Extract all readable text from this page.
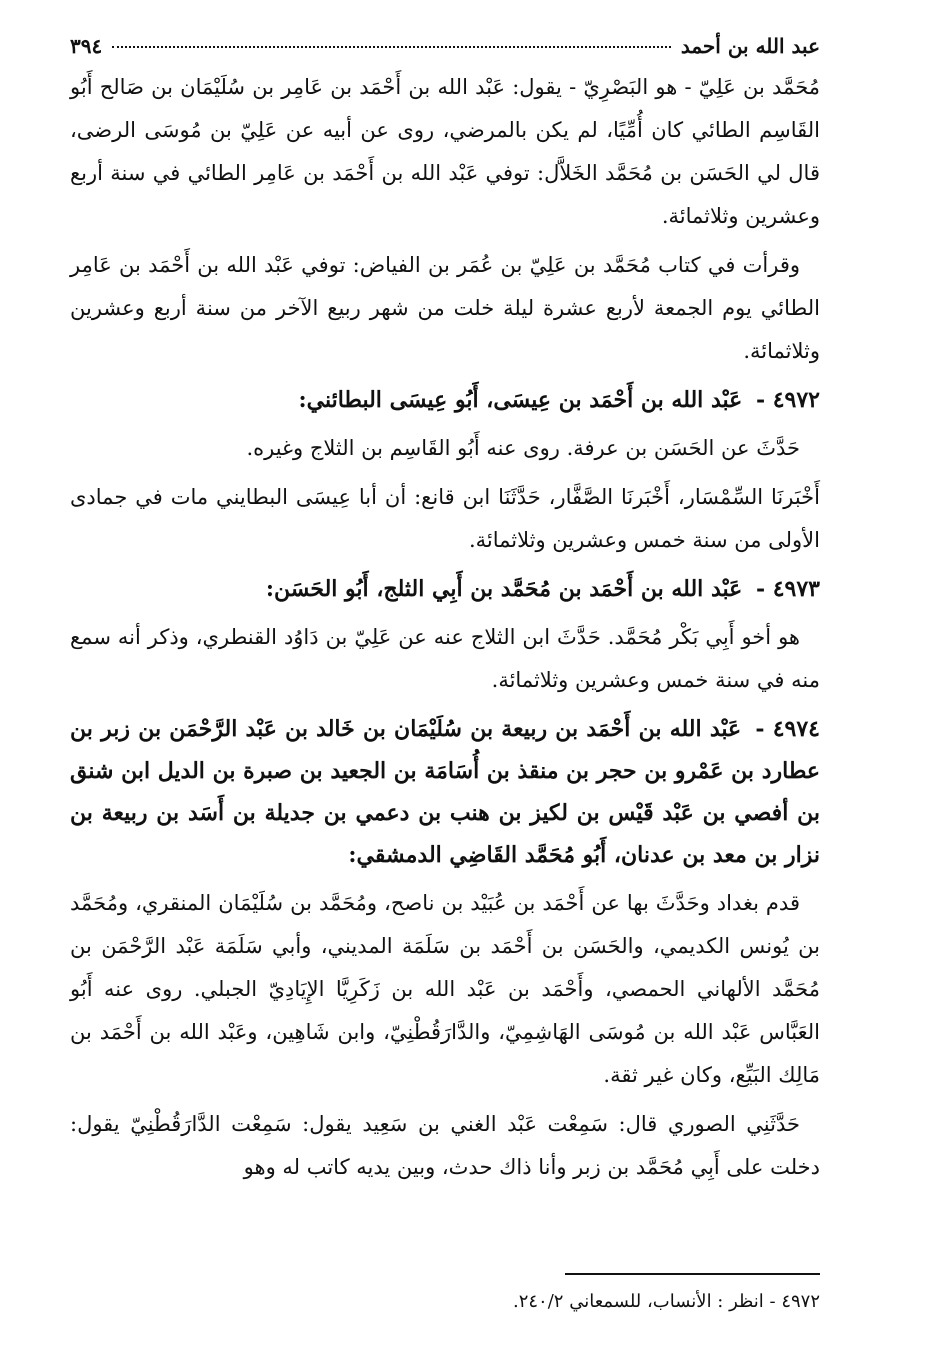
عبد الله بن أحمد
٣٩٤

مُحَمَّد بن عَلِيّ - هو البَصْرِيّ - يقول: عَبْد الله بن أَحْمَد بن عَامِر بن سُلَيْمَان بن صَالح أَبُو القَاسِم الطائي كان أُمِّيًا، لم يكن بالمرضي، روى عن أبيه عن عَلِيّ بن مُوسَى الرضى، قال لي الحَسَن بن مُحَمَّد الخَلاَّل: توفي عَبْد الله بن أَحْمَد بن عَامِر الطائي في سنة أربع وعشرين وثلاثمائة.

وقرأت في كتاب مُحَمَّد بن عَلِيّ بن عُمَر بن الفياض: توفي عَبْد الله بن أَحْمَد بن عَامِر الطائي يوم الجمعة لأربع عشرة ليلة خلت من شهر ربيع الآخر من سنة أربع وعشرين وثلاثمائة.

٤٩٧٢ - عَبْد الله بن أَحْمَد بن عِيسَى، أَبُو عِيسَى البطائني:

حَدَّثَ عن الحَسَن بن عرفة. روى عنه أَبُو القَاسِم بن الثلاج وغيره.

أَخْبَرنَا السِّمْسَار، أَخْبَرنَا الصَّفَّار، حَدَّثَنَا ابن قانع: أن أبا عِيسَى البطايني مات في جمادى الأولى من سنة خمس وعشرين وثلاثمائة.

٤٩٧٣ - عَبْد الله بن أَحْمَد بن مُحَمَّد بن أَبِي الثلج، أَبُو الحَسَن:

هو أخو أَبِي بَكْر مُحَمَّد. حَدَّثَ ابن الثلاج عنه عن عَلِيّ بن دَاوُد القنطري، وذكر أنه سمع منه في سنة خمس وعشرين وثلاثمائة.

٤٩٧٤ - عَبْد الله بن أَحْمَد بن ربيعة بن سُلَيْمَان بن خَالد بن عَبْد الرَّحْمَن بن زبر بن عطارد بن عَمْرو بن حجر بن منقذ بن أُسَامَة بن الجعيد بن صبرة بن الديل ابن شنق بن أفصي بن عَبْد قَيْس بن لكيز بن هنب بن دعمي بن جديلة بن أَسَد بن ربيعة بن نزار بن معد بن عدنان، أَبُو مُحَمَّد القَاضِي الدمشقي:

قدم بغداد وحَدَّثَ بها عن أَحْمَد بن عُبَيْد بن ناصح، ومُحَمَّد بن سُلَيْمَان المنقري، ومُحَمَّد بن يُونس الكديمي، والحَسَن بن أَحْمَد بن سَلَمَة المديني، وأبي سَلَمَة عَبْد الرَّحْمَن بن مُحَمَّد الألهاني الحمصي، وأَحْمَد بن عَبْد الله بن زَكَرِيَّا الإِيَادِيّ الجبلي. روى عنه أَبُو العَبَّاس عَبْد الله بن مُوسَى الهَاشِمِيّ، والدَّارَقُطْنِيّ، وابن شَاهِين، وعَبْد الله بن أَحْمَد بن مَالِك البَيِّع، وكان غير ثقة.

حَدَّثَنِي الصوري قال: سَمِعْت عَبْد الغني بن سَعِيد يقول: سَمِعْت الدَّارَقُطْنِيّ يقول: دخلت على أَبِي مُحَمَّد بن زبر وأنا ذاك حدث، وبين يديه كاتب له وهو

٤٩٧٢ - انظر : الأنساب، للسمعاني ٢٤٠/٢.
